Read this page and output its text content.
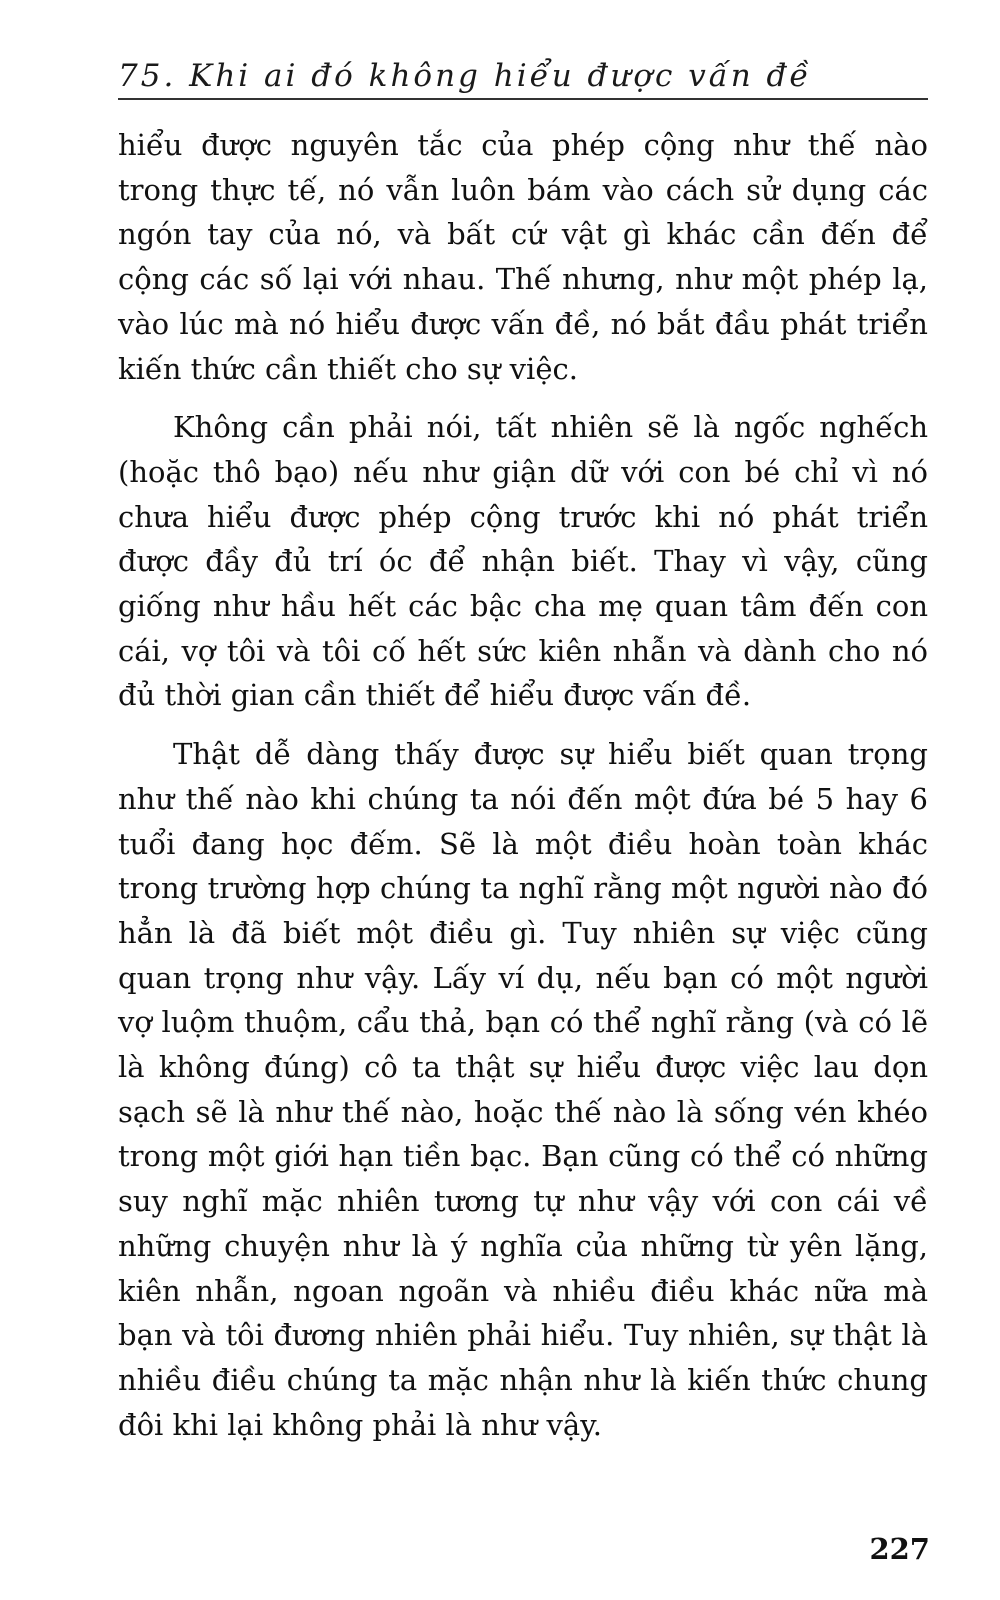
75. Khi ai đó không hiểu được vấn đề

hiểu được nguyên tắc của phép cộng như thế nào trong thực tế, nó vẫn luôn bám vào cách sử dụng các ngón tay của nó, và bất cứ vật gì khác cần đến để cộng các số lại với nhau. Thế nhưng, như một phép lạ, vào lúc mà nó hiểu được vấn đề, nó bắt đầu phát triển kiến thức cần thiết cho sự việc.

Không cần phải nói, tất nhiên sẽ là ngốc nghếch (hoặc thô bạo) nếu như giận dữ với con bé chỉ vì nó chưa hiểu được phép cộng trước khi nó phát triển được đầy đủ trí óc để nhận biết. Thay vì vậy, cũng giống như hầu hết các bậc cha mẹ quan tâm đến con cái, vợ tôi và tôi cố hết sức kiên nhẫn và dành cho nó đủ thời gian cần thiết để hiểu được vấn đề.

Thật dễ dàng thấy được sự hiểu biết quan trọng như thế nào khi chúng ta nói đến một đứa bé 5 hay 6 tuổi đang học đếm. Sẽ là một điều hoàn toàn khác trong trường hợp chúng ta nghĩ rằng một người nào đó hẳn là đã biết một điều gì. Tuy nhiên sự việc cũng quan trọng như vậy. Lấy ví dụ, nếu bạn có một người vợ luộm thuộm, cẩu thả, bạn có thể nghĩ rằng (và có lẽ là không đúng) cô ta thật sự hiểu được việc lau dọn sạch sẽ là như thế nào, hoặc thế nào là sống vén khéo trong một giới hạn tiền bạc. Bạn cũng có thể có những suy nghĩ mặc nhiên tương tự như vậy với con cái về những chuyện như là ý nghĩa của những từ yên lặng, kiên nhẫn, ngoan ngoãn và nhiều điều khác nữa mà bạn và tôi đương nhiên phải hiểu. Tuy nhiên, sự thật là nhiều điều chúng ta mặc nhận như là kiến thức chung đôi khi lại không phải là như vậy.

227
